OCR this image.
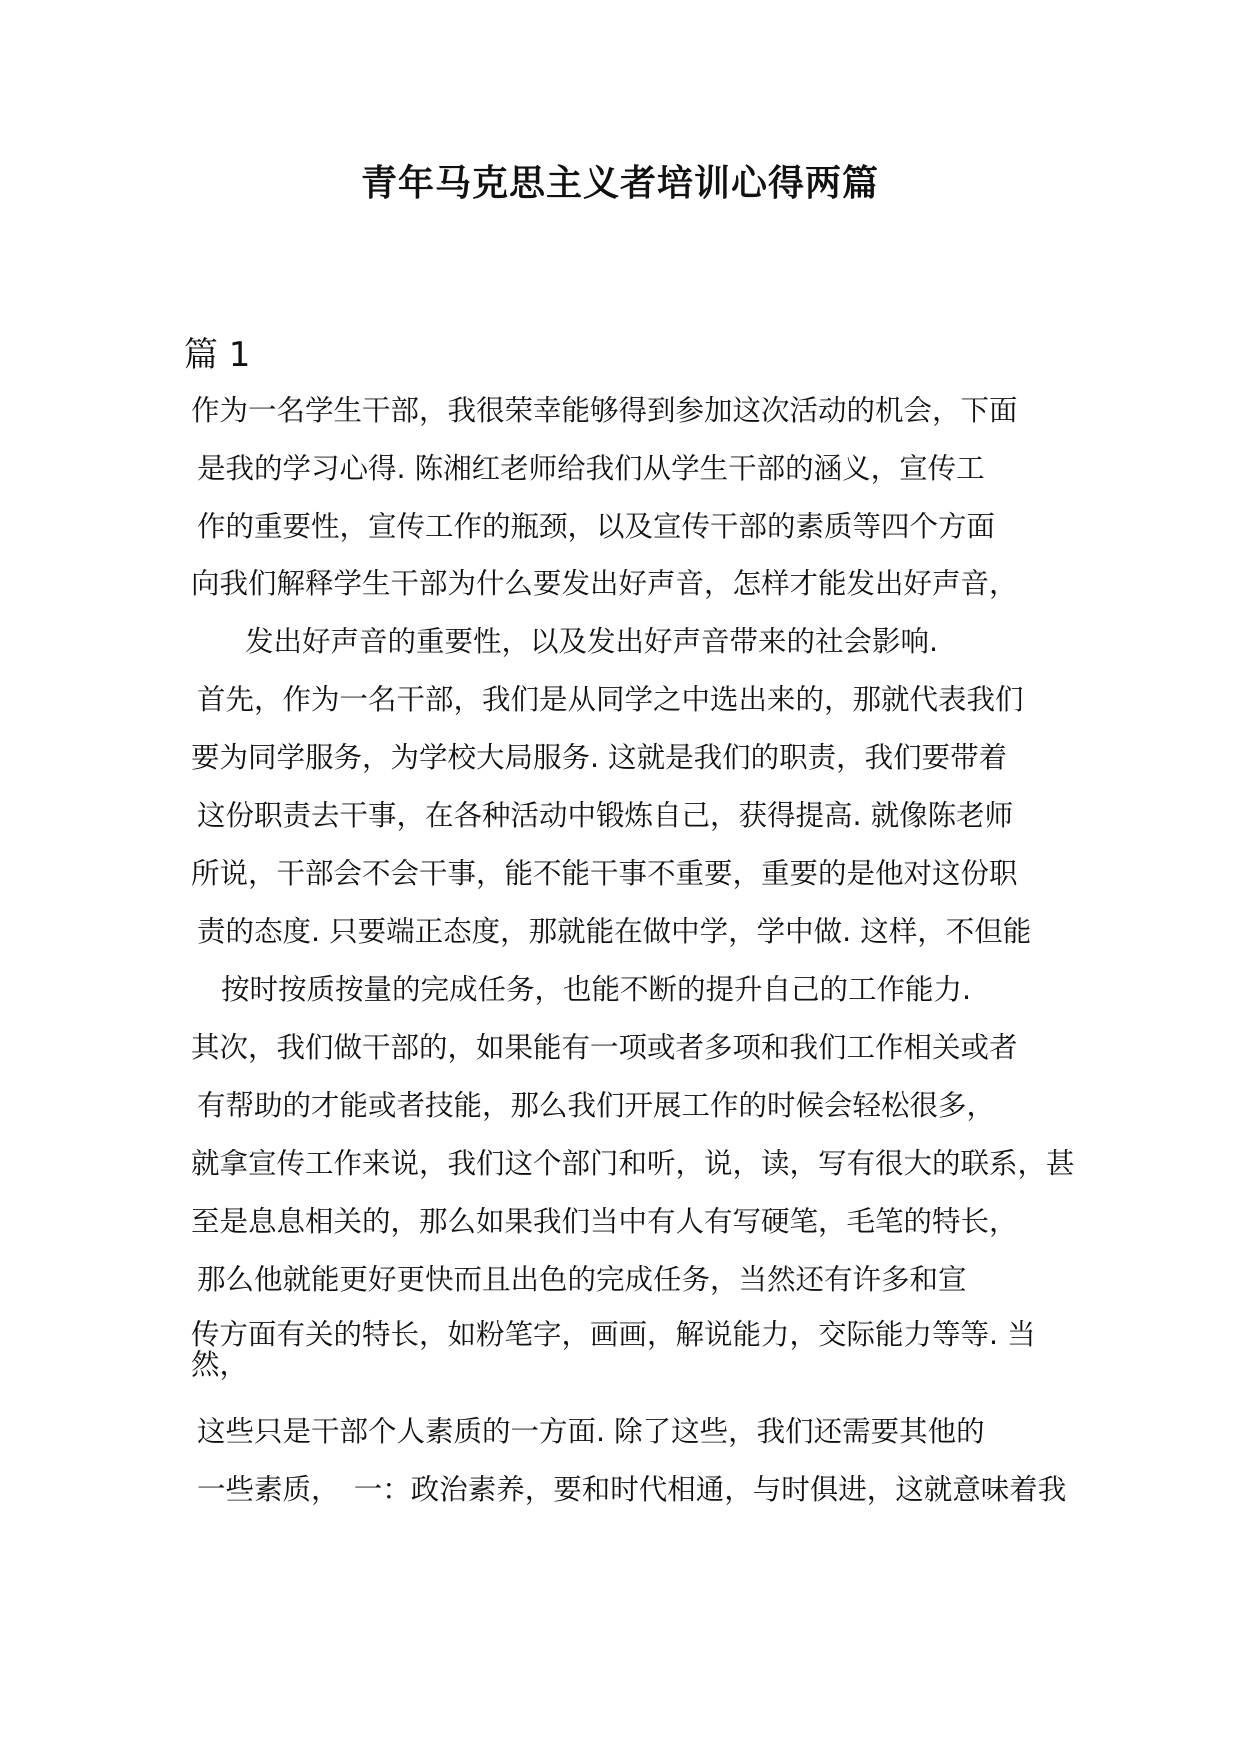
青年马克思主义者培训心得两篇
篇 1
作为一名学生干部，我很荣幸能够得到参加这次活动的机会，下面
是我的学习心得. 陈湘红老师给我们从学生干部的涵义，宣传工
作的重要性，宣传工作的瓶颈，以及宣传干部的素质等四个方面
向我们解释学生干部为什么要发出好声音，怎样才能发出好声音，
发出好声音的重要性，以及发出好声音带来的社会影响.
首先，作为一名干部，我们是从同学之中选出来的，那就代表我们
要为同学服务，为学校大局服务. 这就是我们的职责，我们要带着
这份职责去干事，在各种活动中锻炼自己，获得提高. 就像陈老师
所说，干部会不会干事，能不能干事不重要，重要的是他对这份职
责的态度. 只要端正态度，那就能在做中学，学中做. 这样，不但能
按时按质按量的完成任务，也能不断的提升自己的工作能力.
其次，我们做干部的，如果能有一项或者多项和我们工作相关或者
有帮助的才能或者技能，那么我们开展工作的时候会轻松很多，
就拿宣传工作来说，我们这个部门和听，说，读，写有很大的联系，甚
至是息息相关的，那么如果我们当中有人有写硬笔，毛笔的特长，
那么他就能更好更快而且出色的完成任务，当然还有许多和宣
传方面有关的特长，如粉笔字，画画，解说能力，交际能力等等. 当然，
这些只是干部个人素质的一方面. 除了这些，我们还需要其他的
一些素质，　一：政治素养，要和时代相通，与时俱进，这就意味着我
